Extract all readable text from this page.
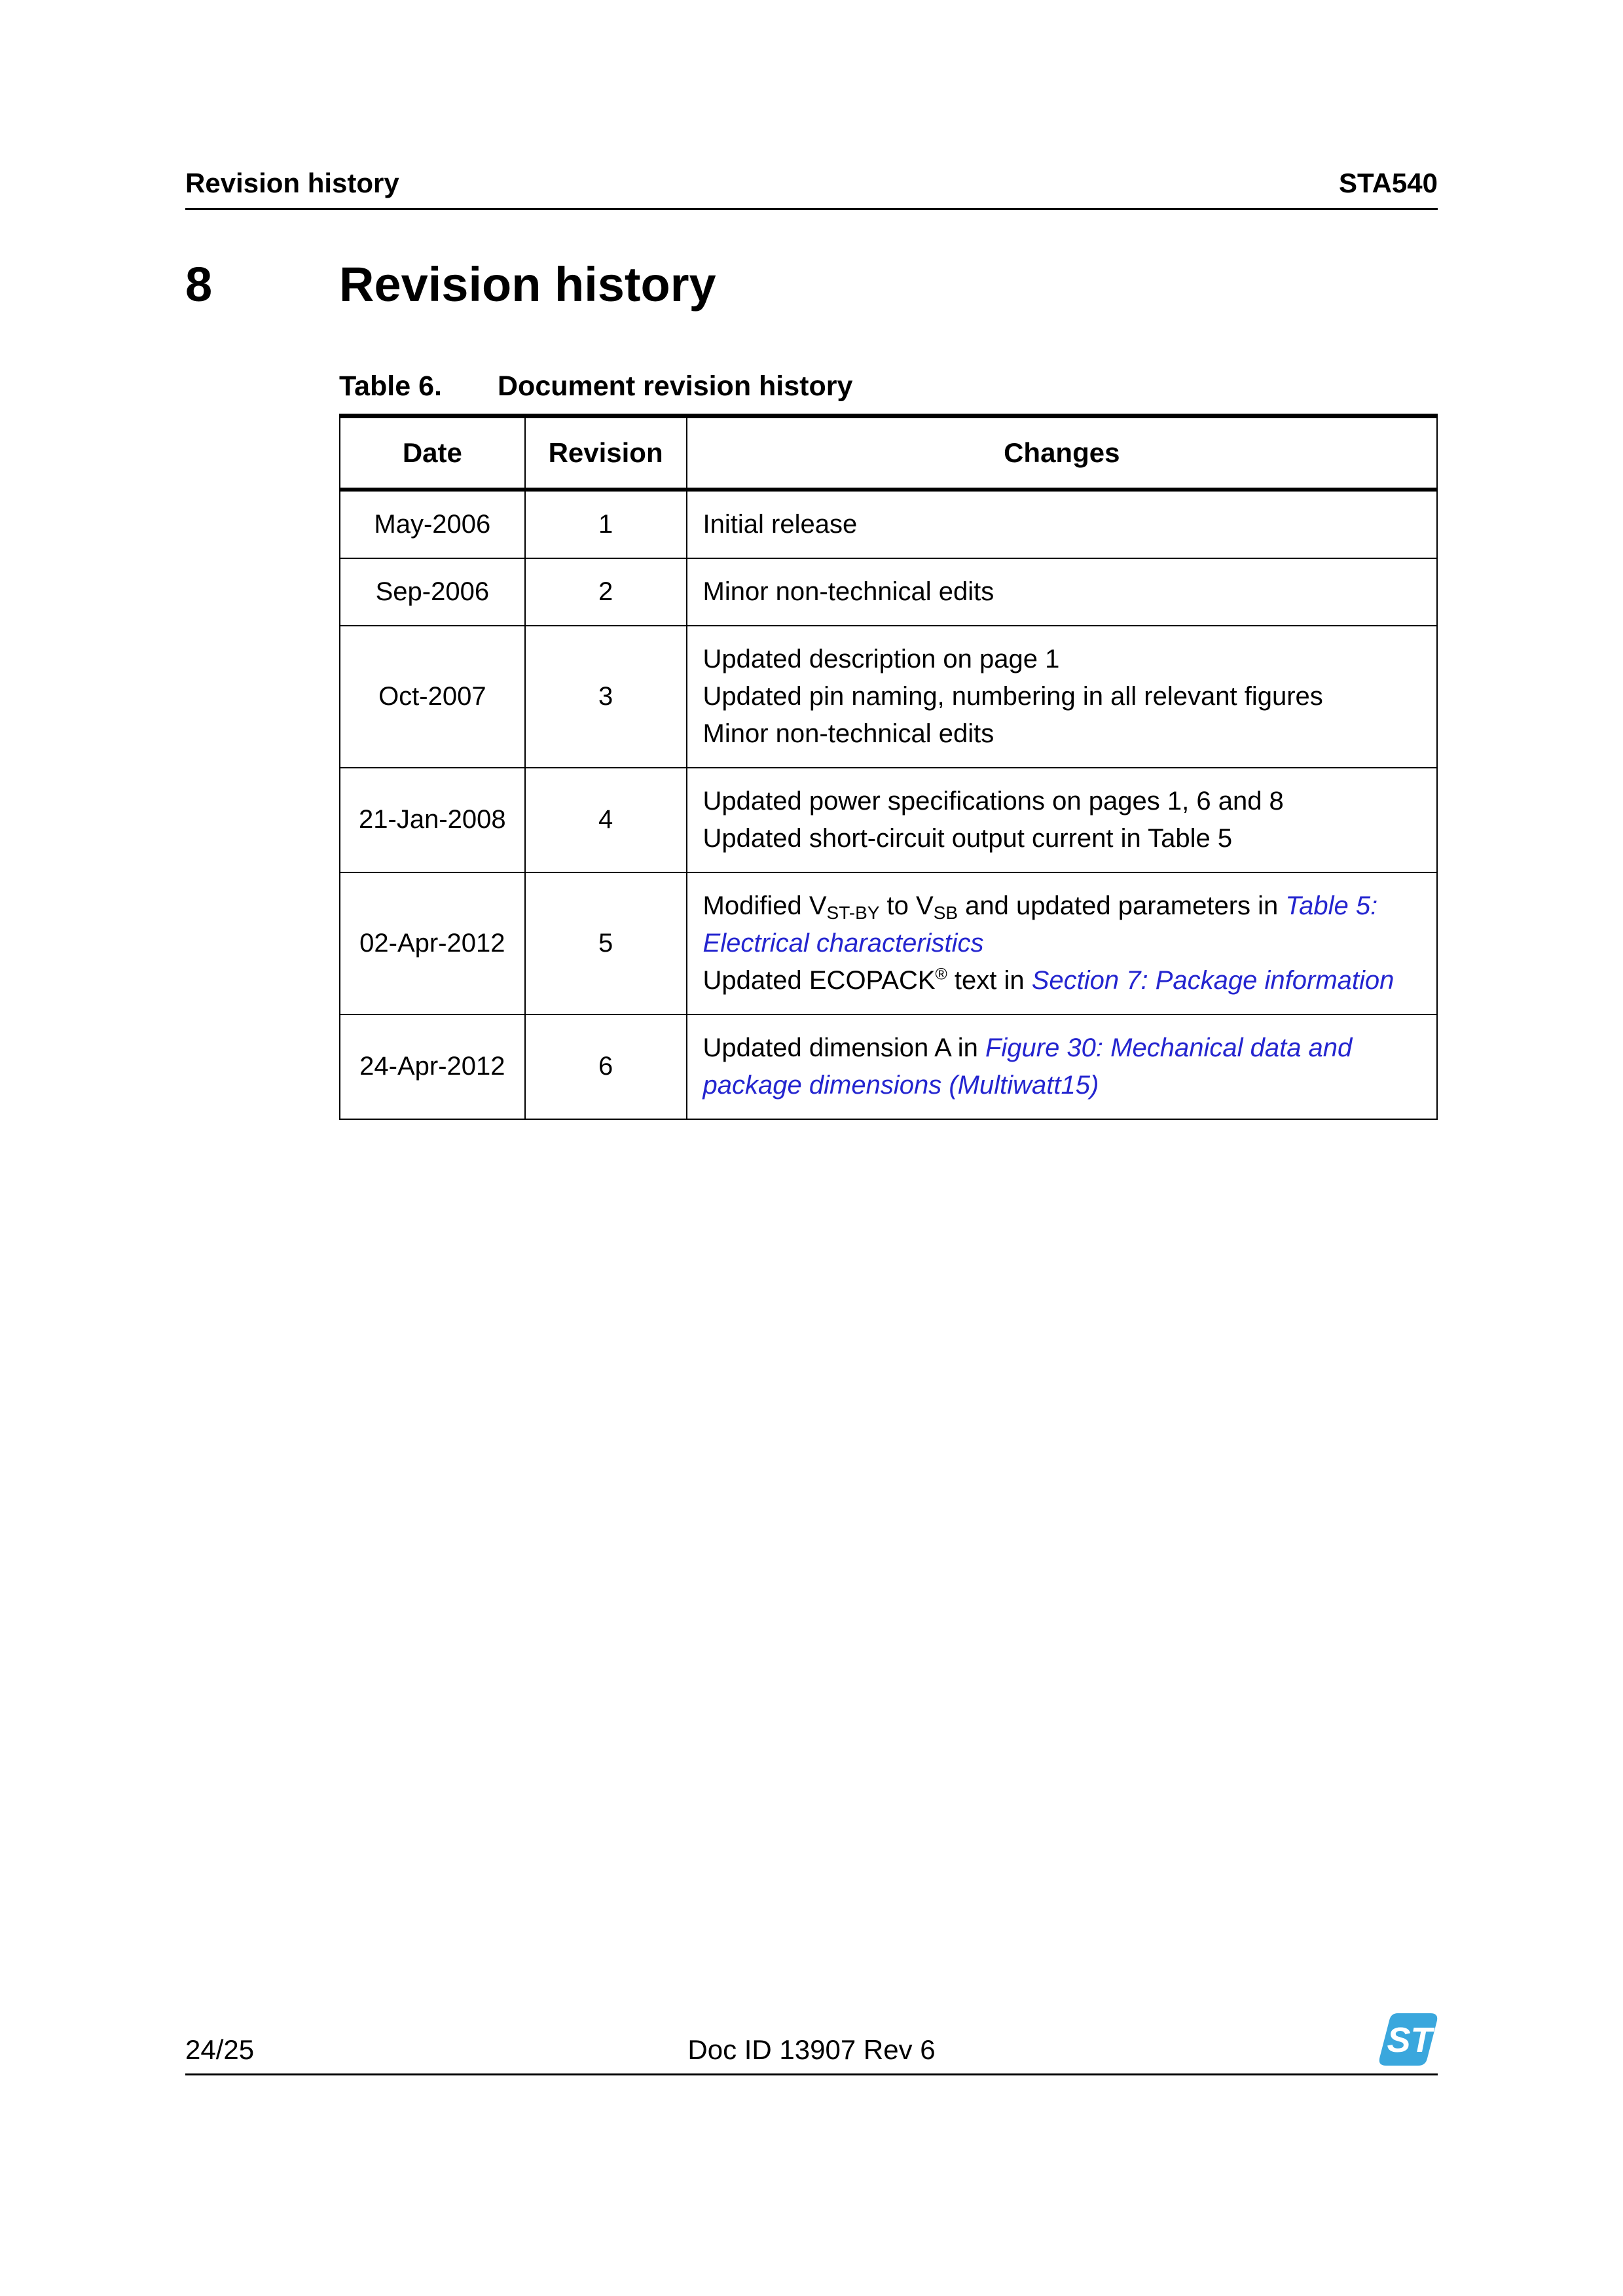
Revision history	STA540
8	Revision history
Table 6.	Document revision history
Date	Revision	Changes
May-2006	1	Initial release

Sep-2006	2	Minor non-technical edits

Oct-2007	3	Updated description on page 1
Updated pin naming, numbering in all relevant figures
Minor non-technical edits

21-Jan-2008	4	Updated power specifications on pages 1, 6 and 8
Updated short-circuit output current in Table 5

02-Apr-2012	5	Modified $V_{ST-BY}$ to $V_{SB}$ and updated parameters in Table 5: Electrical characteristics
Updated ECOPACK® text in Section 7: Package information

24-Apr-2012	6	Updated dimension A in Figure 30: Mechanical data and package dimensions (Multiwatt15)
24/25	Doc ID 13907 Rev 6	ST
